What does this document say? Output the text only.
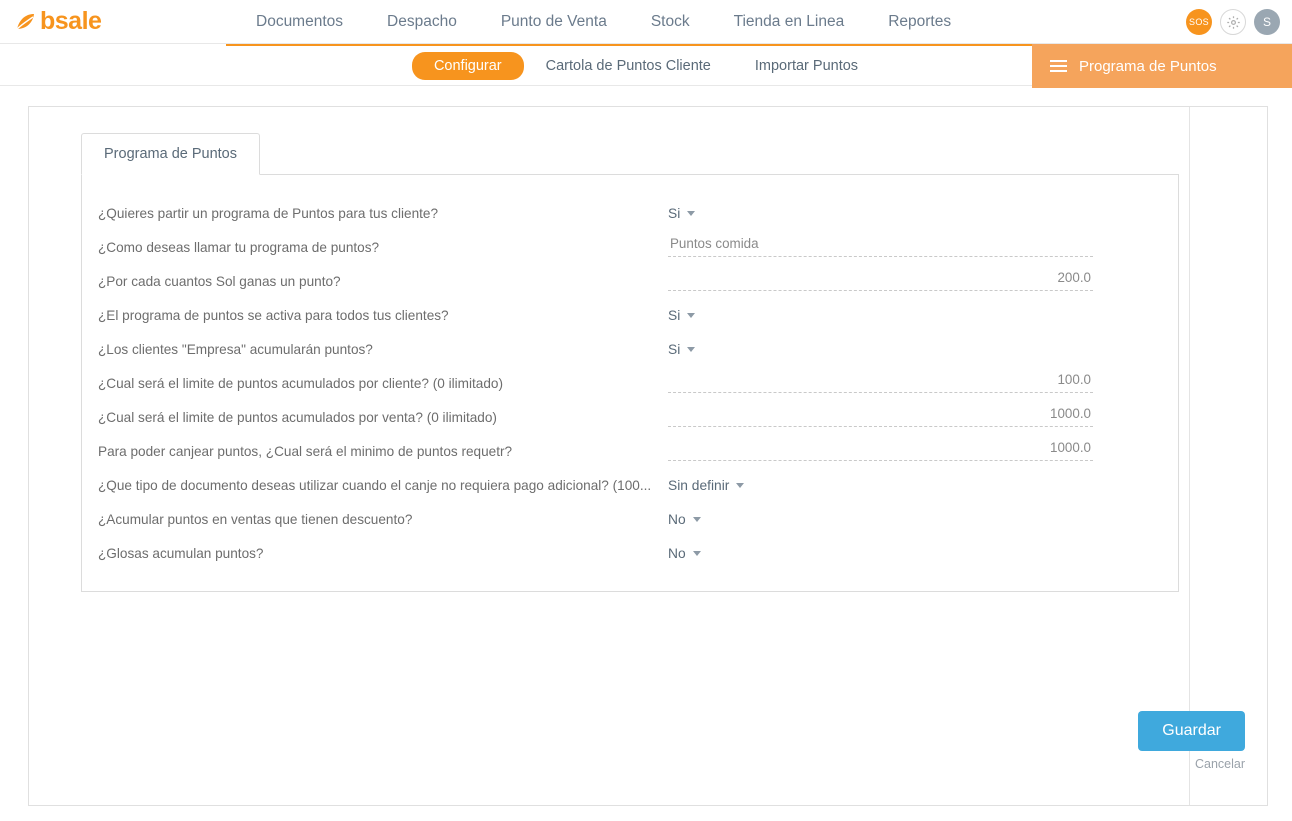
bsale	Documentos	Despacho	Punto de Venta	Stock	Tienda en Linea	Reportes	SOS	S
Configurar	Cartola de Puntos Cliente	Importar Puntos	Programa de Puntos
Programa de Puntos
¿Quieres partir un programa de Puntos para tus cliente?	Si
¿Como deseas llamar tu programa de puntos?	Puntos comida
¿Por cada cuantos Sol ganas un punto?	200.0
¿El programa de puntos se activa para todos tus clientes?	Si
¿Los clientes "Empresa" acumularán puntos?	Si
¿Cual será el limite de puntos acumulados por cliente? (0 ilimitado)	100.0
¿Cual será el limite de puntos acumulados por venta? (0 ilimitado)	1000.0
Para poder canjear puntos, ¿Cual será el minimo de puntos requetr?	1000.0
¿Que tipo de documento deseas utilizar cuando el canje no requiera pago adicional? (100...	Sin definir
¿Acumular puntos en ventas que tienen descuento?	No
¿Glosas acumulan puntos?	No
Guardar
Cancelar
